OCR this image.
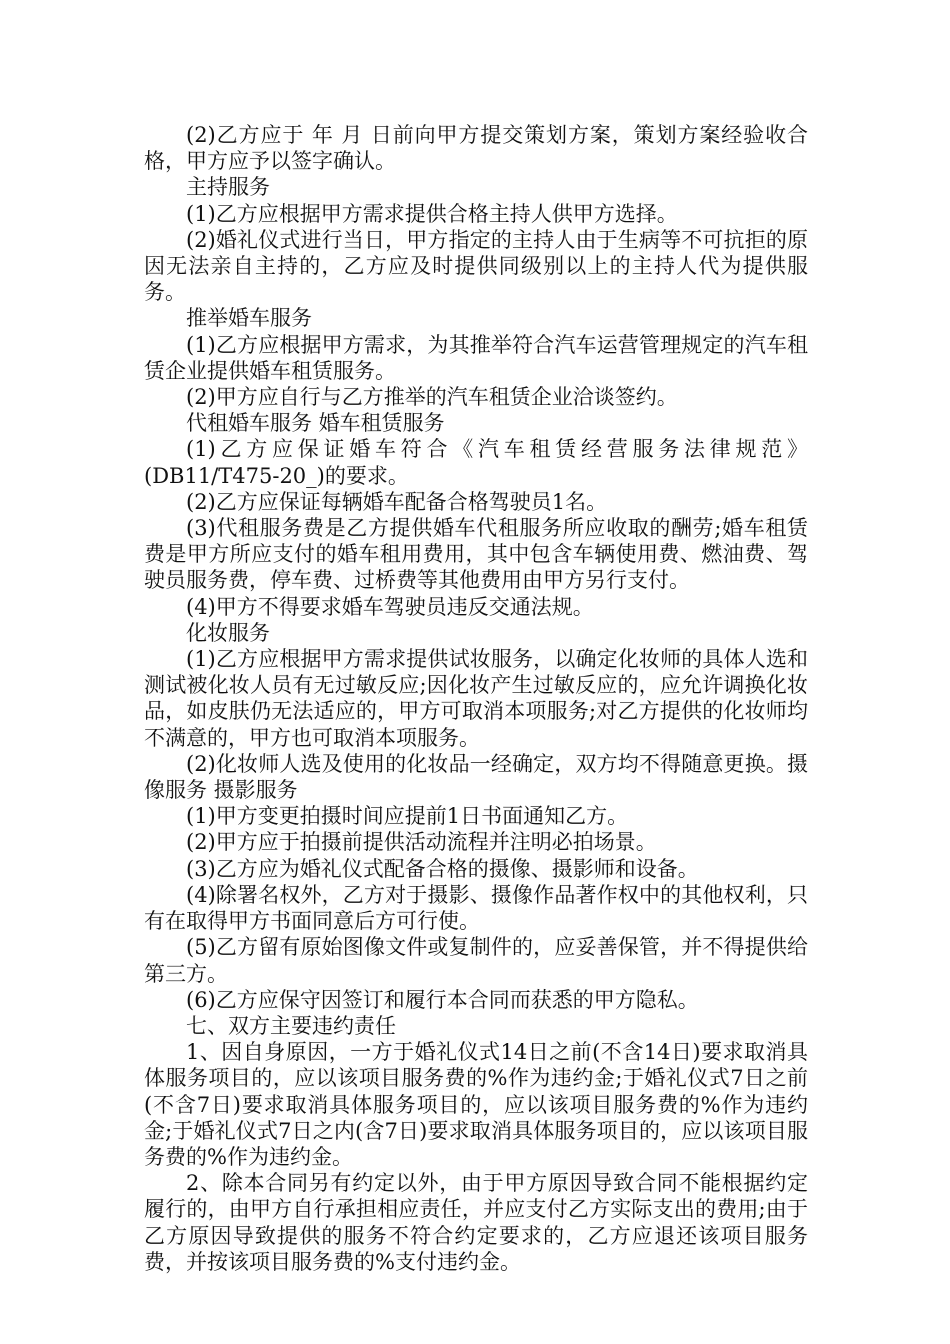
(2)乙方应于 年 月 日前向甲方提交策划方案，策划方案经验收合格，甲方应予以签字确认。

主持服务

(1)乙方应根据甲方需求提供合格主持人供甲方选择。

(2)婚礼仪式进行当日，甲方指定的主持人由于生病等不可抗拒的原因无法亲自主持的，乙方应及时提供同级别以上的主持人代为提供服务。

推举婚车服务

(1)乙方应根据甲方需求，为其推举符合汽车运营管理规定的汽车租赁企业提供婚车租赁服务。

(2)甲方应自行与乙方推举的汽车租赁企业洽谈签约。

代租婚车服务 婚车租赁服务

(1)乙方应保证婚车符合《汽车租赁经营服务法律规范》(DB11/T475-20_)的要求。

(2)乙方应保证每辆婚车配备合格驾驶员1名。

(3)代租服务费是乙方提供婚车代租服务所应收取的酬劳;婚车租赁费是甲方所应支付的婚车租用费用，其中包含车辆使用费、燃油费、驾驶员服务费，停车费、过桥费等其他费用由甲方另行支付。

(4)甲方不得要求婚车驾驶员违反交通法规。

化妆服务

(1)乙方应根据甲方需求提供试妆服务，以确定化妆师的具体人选和测试被化妆人员有无过敏反应;因化妆产生过敏反应的，应允许调换化妆品，如皮肤仍无法适应的，甲方可取消本项服务;对乙方提供的化妆师均不满意的，甲方也可取消本项服务。

(2)化妆师人选及使用的化妆品一经确定，双方均不得随意更换。摄像服务 摄影服务

(1)甲方变更拍摄时间应提前1日书面通知乙方。

(2)甲方应于拍摄前提供活动流程并注明必拍场景。

(3)乙方应为婚礼仪式配备合格的摄像、摄影师和设备。

(4)除署名权外，乙方对于摄影、摄像作品著作权中的其他权利，只有在取得甲方书面同意后方可行使。

(5)乙方留有原始图像文件或复制件的，应妥善保管，并不得提供给第三方。

(6)乙方应保守因签订和履行本合同而获悉的甲方隐私。

七、双方主要违约责任

1、因自身原因，一方于婚礼仪式14日之前(不含14日)要求取消具体服务项目的，应以该项目服务费的%作为违约金;于婚礼仪式7日之前(不含7日)要求取消具体服务项目的，应以该项目服务费的%作为违约金;于婚礼仪式7日之内(含7日)要求取消具体服务项目的，应以该项目服务费的%作为违约金。

2、除本合同另有约定以外，由于甲方原因导致合同不能根据约定履行的，由甲方自行承担相应责任，并应支付乙方实际支出的费用;由于乙方原因导致提供的服务不符合约定要求的，乙方应退还该项目服务费，并按该项目服务费的%支付违约金。
